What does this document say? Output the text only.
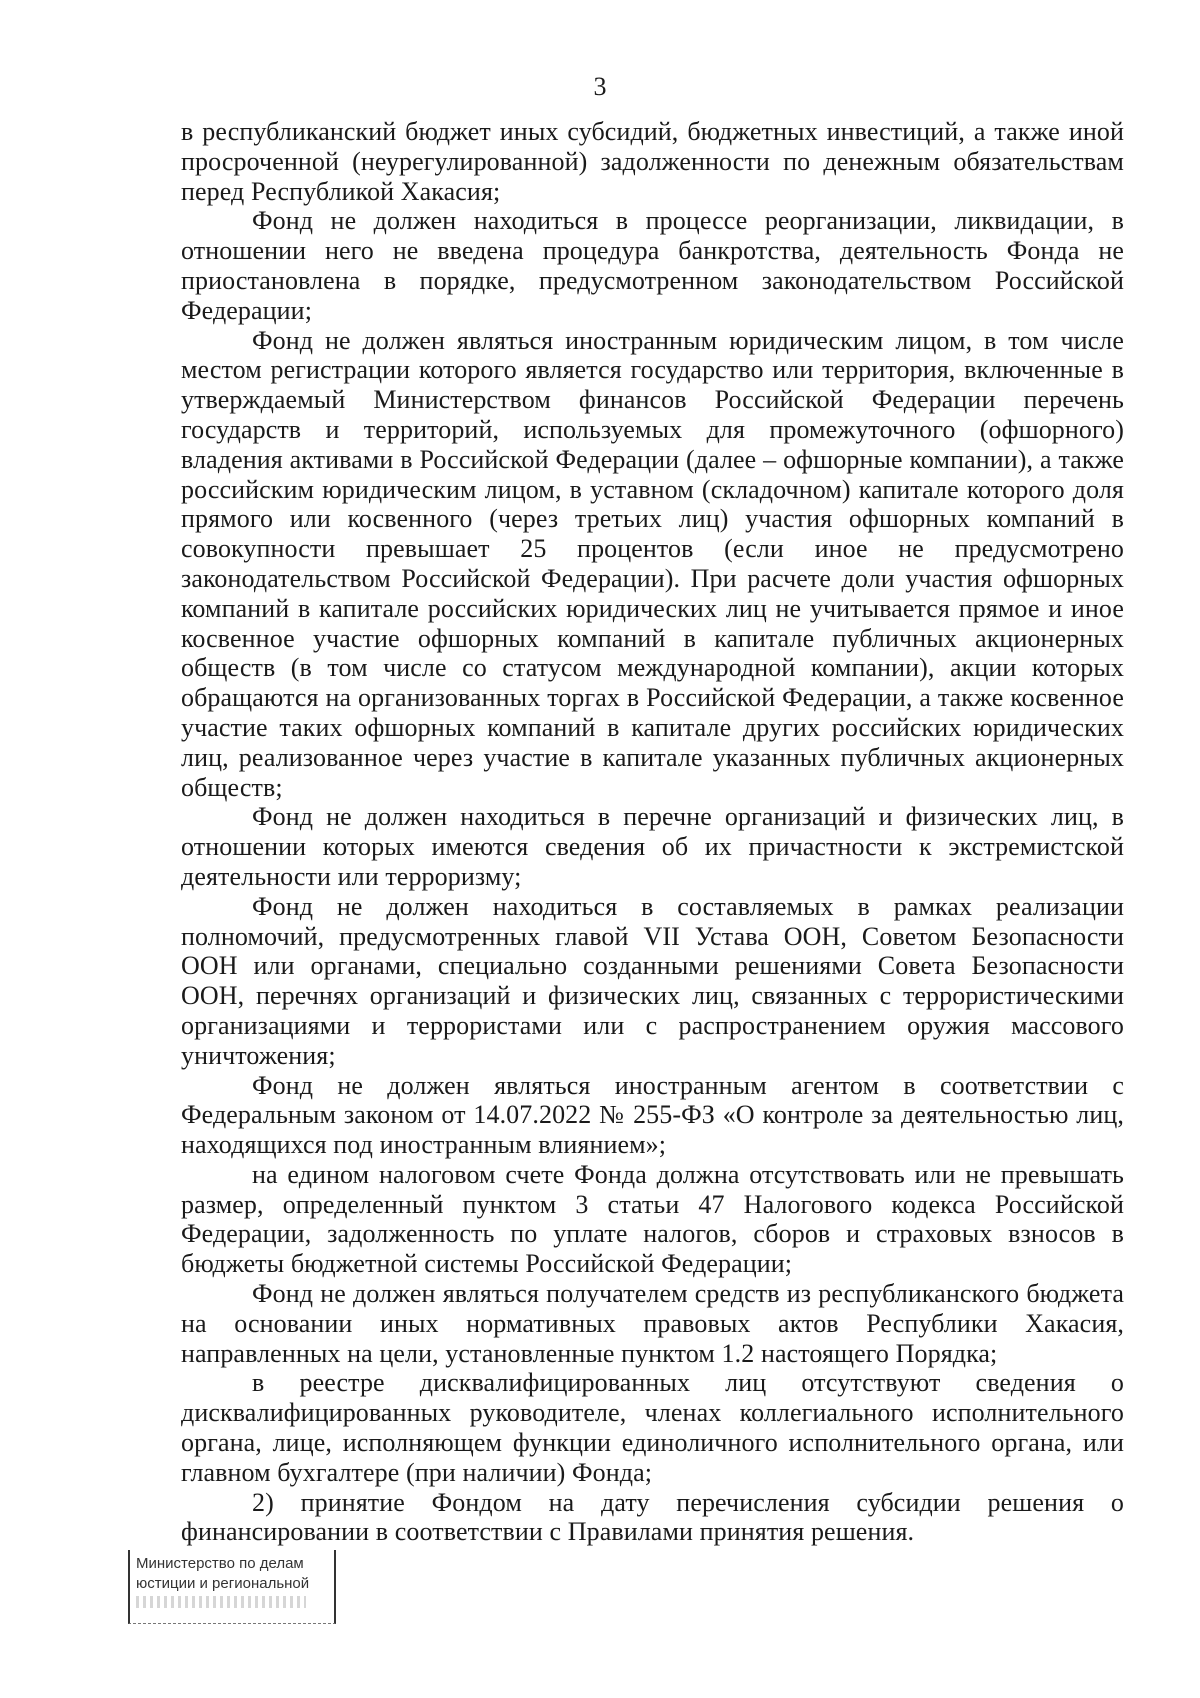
3

в республиканский бюджет иных субсидий, бюджетных инвестиций, а также иной просроченной (неурегулированной) задолженности по денежным обязательствам перед Республикой Хакасия;

Фонд не должен находиться в процессе реорганизации, ликвидации, в отношении него не введена процедура банкротства, деятельность Фонда не приостановлена в порядке, предусмотренном законодательством Российской Федерации;

Фонд не должен являться иностранным юридическим лицом, в том числе местом регистрации которого является государство или территория, включенные в утверждаемый Министерством финансов Российской Федерации перечень государств и территорий, используемых для промежуточного (офшорного) владения активами в Российской Федерации (далее – офшорные компании), а также российским юридическим лицом, в уставном (складочном) капитале которого доля прямого или косвенного (через третьих лиц) участия офшорных компаний в совокупности превышает 25 процентов (если иное не предусмотрено законодательством Российской Федерации). При расчете доли участия офшорных компаний в капитале российских юридических лиц не учитывается прямое и иное косвенное участие офшорных компаний в капитале публичных акционерных обществ (в том числе со статусом международной компании), акции которых обращаются на организованных торгах в Российской Федерации, а также косвенное участие таких офшорных компаний в капитале других российских юридических лиц, реализованное через участие в капитале указанных публичных акционерных обществ;

Фонд не должен находиться в перечне организаций и физических лиц, в отношении которых имеются сведения об их причастности к экстремистской деятельности или терроризму;

Фонд не должен находиться в составляемых в рамках реализации полномочий, предусмотренных главой VII Устава ООН, Советом Безопасности ООН или органами, специально созданными решениями Совета Безопасности ООН, перечнях организаций и физических лиц, связанных с террористическими организациями и террористами или с распространением оружия массового уничтожения;

Фонд не должен являться иностранным агентом в соответствии с Федеральным законом от 14.07.2022 № 255-ФЗ «О контроле за деятельностью лиц, находящихся под иностранным влиянием»;

на едином налоговом счете Фонда должна отсутствовать или не превышать размер, определенный пунктом 3 статьи 47 Налогового кодекса Российской Федерации, задолженность по уплате налогов, сборов и страховых взносов в бюджеты бюджетной системы Российской Федерации;

Фонд не должен являться получателем средств из республиканского бюджета на основании иных нормативных правовых актов Республики Хакасия, направленных на цели, установленные пунктом 1.2 настоящего Порядка;

в реестре дисквалифицированных лиц отсутствуют сведения о дисквалифицированных руководителе, членах коллегиального исполнительного органа, лице, исполняющем функции единоличного исполнительного органа, или главном бухгалтере (при наличии) Фонда;

2) принятие Фондом на дату перечисления субсидии решения о финансировании в соответствии с Правилами принятия решения.

Министерство по делам
юстиции и региональной
